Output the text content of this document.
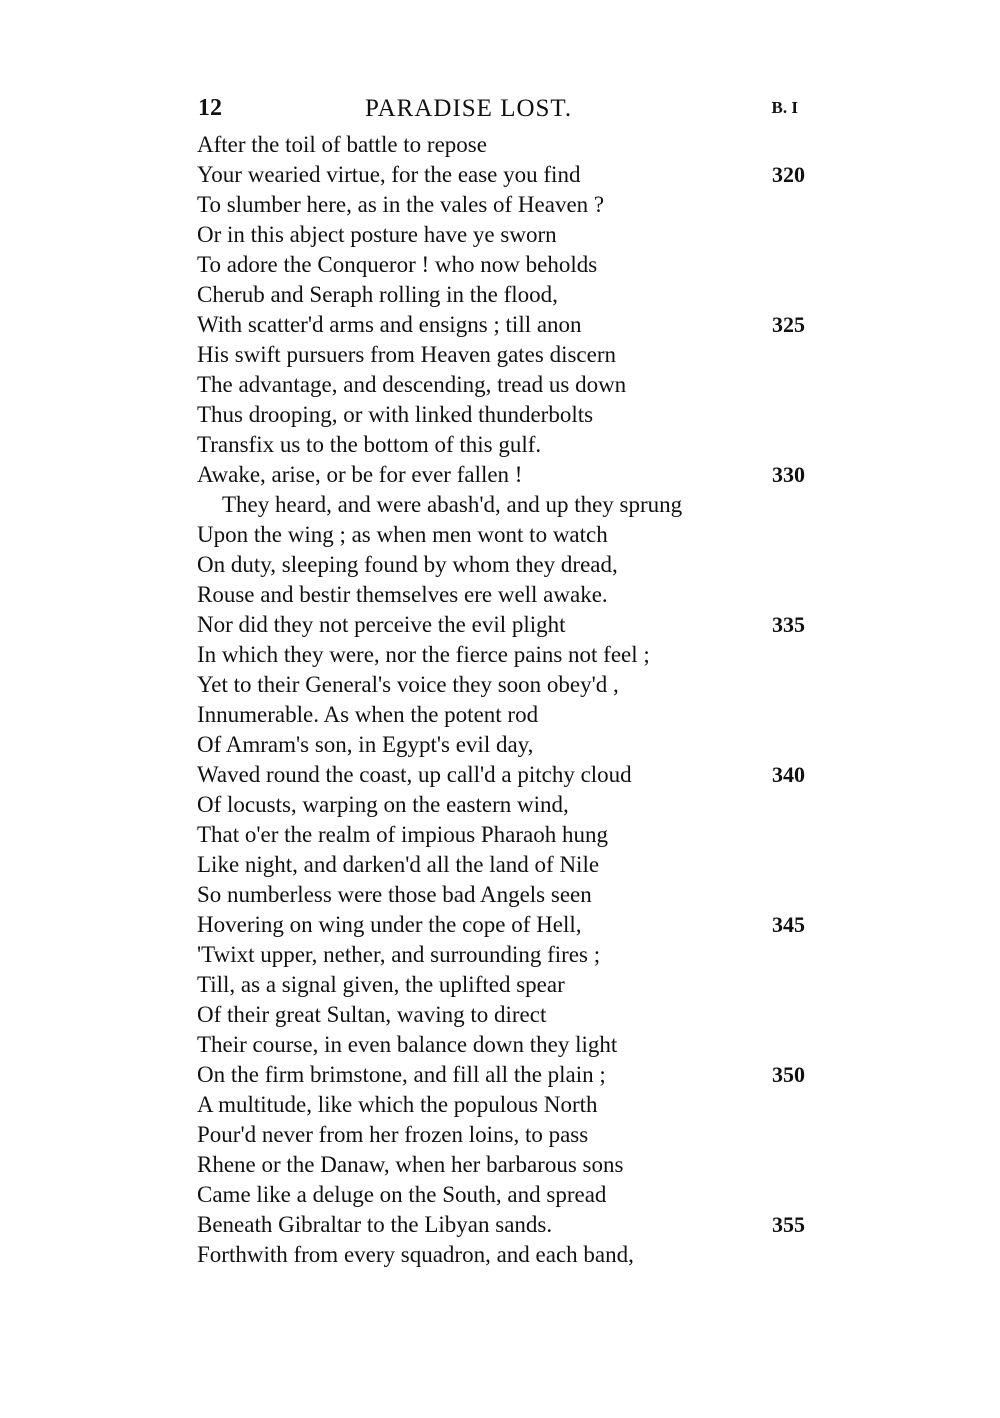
12	PARADISE LOST.	B. I
After the toil of battle to repose
Your wearied virtue, for the ease you find	320
To slumber here, as in the vales of Heaven ?
Or in this abject posture have ye sworn
To adore the Conqueror ! who now beholds
Cherub and Seraph rolling in the flood,
With scatter'd arms and ensigns ; till anon	325
His swift pursuers from Heaven gates discern
The advantage, and descending, tread us down
Thus drooping, or with linked thunderbolts
Transfix us to the bottom of this gulf.
Awake, arise, or be for ever fallen !	330
They heard, and were abash'd, and up they sprung
Upon the wing ; as when men wont to watch
On duty, sleeping found by whom they dread,
Rouse and bestir themselves ere well awake.
Nor did they not perceive the evil plight	335
In which they were, nor the fierce pains not feel ;
Yet to their General's voice they soon obey'd ,
Innumerable. As when the potent rod
Of Amram's son, in Egypt's evil day,
Waved round the coast, up call'd a pitchy cloud	340
Of locusts, warping on the eastern wind,
That o'er the realm of impious Pharaoh hung
Like night, and darken'd all the land of Nile
So numberless were those bad Angels seen
Hovering on wing under the cope of Hell,	345
'Twixt upper, nether, and surrounding fires ;
Till, as a signal given, the uplifted spear
Of their great Sultan, waving to direct
Their course, in even balance down they light
On the firm brimstone, and fill all the plain ;	350
A multitude, like which the populous North
Pour'd never from her frozen loins, to pass
Rhene or the Danaw, when her barbarous sons
Came like a deluge on the South, and spread
Beneath Gibraltar to the Libyan sands.	355
Forthwith from every squadron, and each band,
